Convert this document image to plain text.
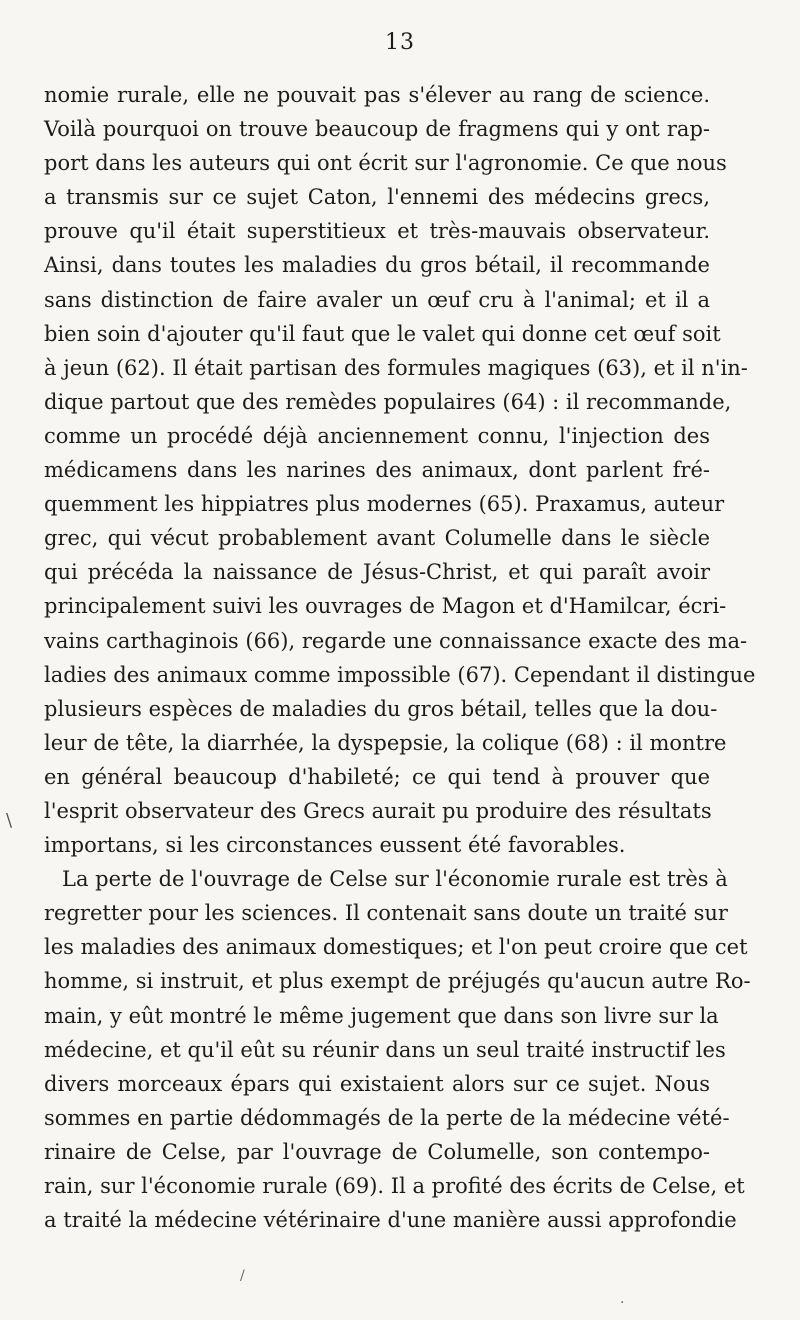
13
nomie rurale, elle ne pouvait pas s'élever au rang de science.
Voilà pourquoi on trouve beaucoup de fragmens qui y ont rap-
port dans les auteurs qui ont écrit sur l'agronomie. Ce que nous
a transmis sur ce sujet Caton, l'ennemi des médecins grecs,
prouve qu'il était superstitieux et très-mauvais observateur.
Ainsi, dans toutes les maladies du gros bétail, il recommande
sans distinction de faire avaler un œuf cru à l'animal; et il a
bien soin d'ajouter qu'il faut que le valet qui donne cet œuf soit
à jeun (62). Il était partisan des formules magiques (63), et il n'in-
dique partout que des remèdes populaires (64) : il recommande,
comme un procédé déjà anciennement connu, l'injection des
médicamens dans les narines des animaux, dont parlent fré-
quemment les hippiatres plus modernes (65). Praxamus, auteur
grec, qui vécut probablement avant Columelle dans le siècle
qui précéda la naissance de Jésus-Christ, et qui paraît avoir
principalement suivi les ouvrages de Magon et d'Hamilcar, écri-
vains carthaginois (66), regarde une connaissance exacte des ma-
ladies des animaux comme impossible (67). Cependant il distingue
plusieurs espèces de maladies du gros bétail, telles que la dou-
leur de tête, la diarrhée, la dyspepsie, la colique (68) : il montre
en général beaucoup d'habileté; ce qui tend à prouver que
l'esprit observateur des Grecs aurait pu produire des résultats
importans, si les circonstances eussent été favorables.
La perte de l'ouvrage de Celse sur l'économie rurale est très à
regretter pour les sciences. Il contenait sans doute un traité sur
les maladies des animaux domestiques; et l'on peut croire que cet
homme, si instruit, et plus exempt de préjugés qu'aucun autre Ro-
main, y eût montré le même jugement que dans son livre sur la
médecine, et qu'il eût su réunir dans un seul traité instructif les
divers morceaux épars qui existaient alors sur ce sujet. Nous
sommes en partie dédommagés de la perte de la médecine vété-
rinaire de Celse, par l'ouvrage de Columelle, son contempo-
rain, sur l'économie rurale (69). Il a profité des écrits de Celse, et
a traité la médecine vétérinaire d'une manière aussi approfondie
\
/
·
